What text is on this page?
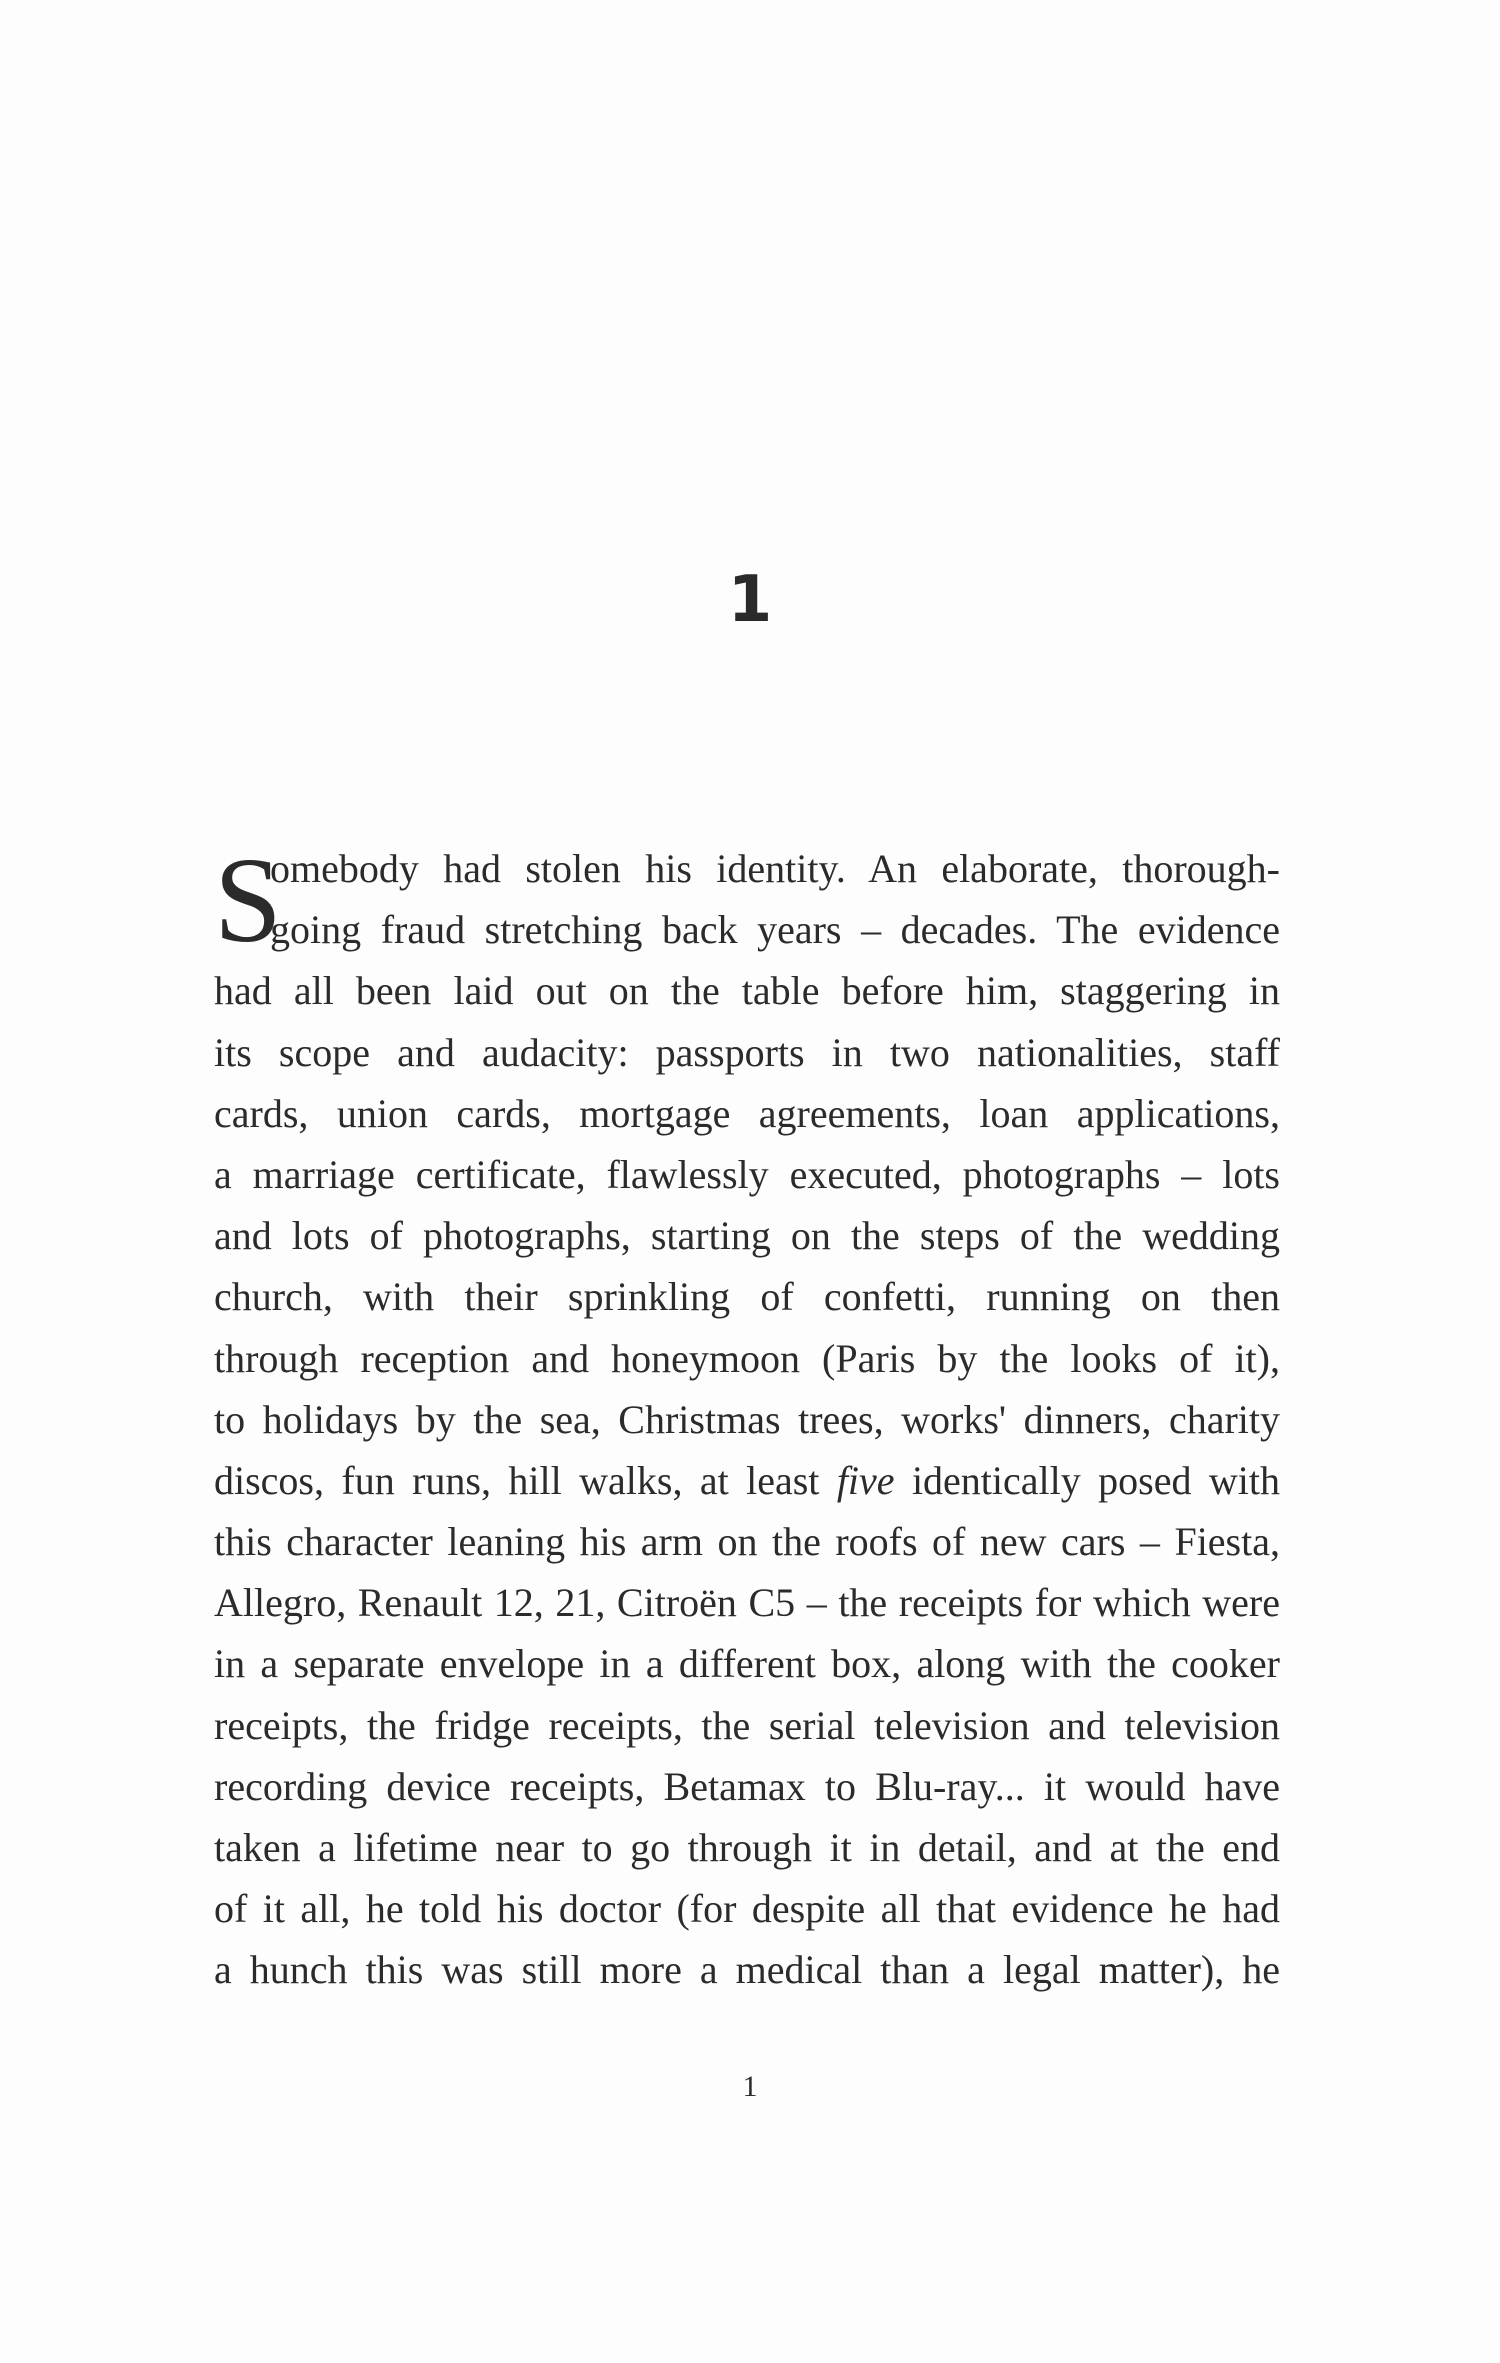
1
S
omebody had stolen his identity. An elaborate, thorough-
going fraud stretching back years – decades. The evidence
had all been laid out on the table before him, staggering in
its scope and audacity: passports in two nationalities, staff
cards, union cards, mortgage agreements, loan applications,
a marriage certificate, flawlessly executed, photographs – lots
and lots of photographs, starting on the steps of the wedding
church, with their sprinkling of confetti, running on then
through reception and honeymoon (Paris by the looks of it),
to holidays by the sea, Christmas trees, works' dinners, charity
discos, fun runs, hill walks, at least five identically posed with
this character leaning his arm on the roofs of new cars – Fiesta,
Allegro, Renault 12, 21, Citroën C5 – the receipts for which were
in a separate envelope in a different box, along with the cooker
receipts, the fridge receipts, the serial television and television
recording device receipts, Betamax to Blu-ray... it would have
taken a lifetime near to go through it in detail, and at the end
of it all, he told his doctor (for despite all that evidence he had
a hunch this was still more a medical than a legal matter), he
1
